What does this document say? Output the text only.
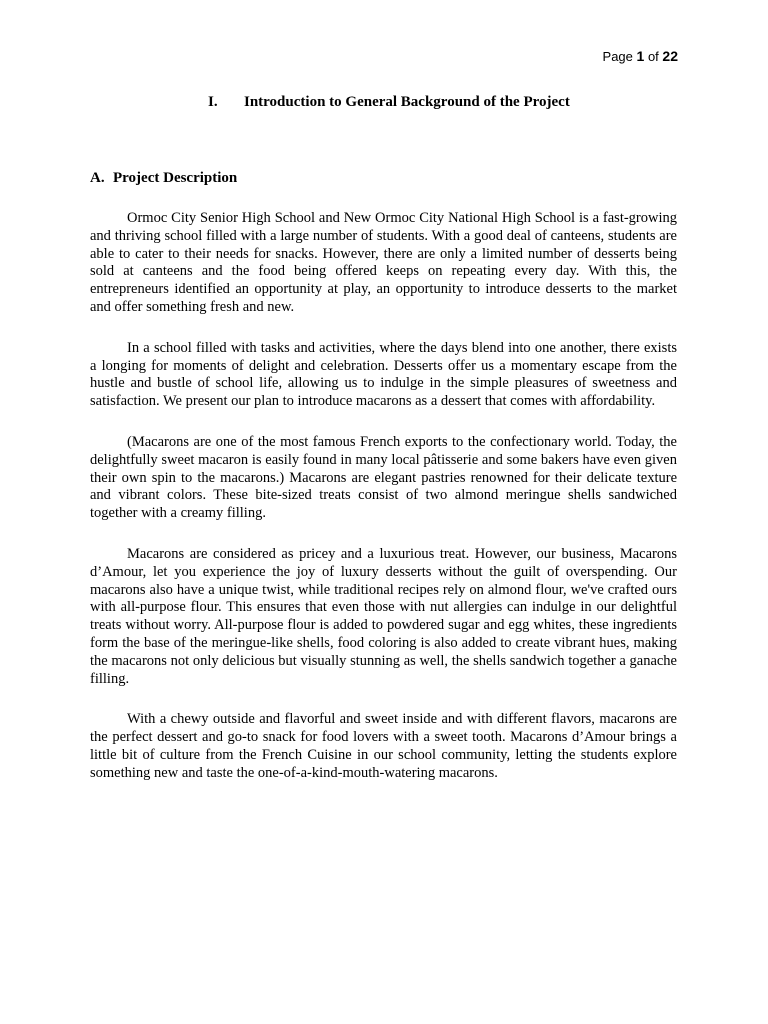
Page 1 of 22
I. Introduction to General Background of the Project
A. Project Description

Ormoc City Senior High School and New Ormoc City National High School is a fast-growing and thriving school filled with a large number of students. With a good deal of canteens, students are able to cater to their needs for snacks. However, there are only a limited number of desserts being sold at canteens and the food being offered keeps on repeating every day. With this, the entrepreneurs identified an opportunity at play, an opportunity to introduce desserts to the market and offer something fresh and new.

In a school filled with tasks and activities, where the days blend into one another, there exists a longing for moments of delight and celebration. Desserts offer us a momentary escape from the hustle and bustle of school life, allowing us to indulge in the simple pleasures of sweetness and satisfaction. We present our plan to introduce macarons as a dessert that comes with affordability.

(Macarons are one of the most famous French exports to the confectionary world. Today, the delightfully sweet macaron is easily found in many local pâtisserie and some bakers have even given their own spin to the macarons.) Macarons are elegant pastries renowned for their delicate texture and vibrant colors. These bite-sized treats consist of two almond meringue shells sandwiched together with a creamy filling.

Macarons are considered as pricey and a luxurious treat. However, our business, Macarons d’Amour, let you experience the joy of luxury desserts without the guilt of overspending. Our macarons also have a unique twist, while traditional recipes rely on almond flour, we've crafted ours with all-purpose flour. This ensures that even those with nut allergies can indulge in our delightful treats without worry. All-purpose flour is added to powdered sugar and egg whites, these ingredients form the base of the meringue-like shells, food coloring is also added to create vibrant hues, making the macarons not only delicious but visually stunning as well, the shells sandwich together a ganache filling.

With a chewy outside and flavorful and sweet inside and with different flavors, macarons are the perfect dessert and go-to snack for food lovers with a sweet tooth. Macarons d’Amour brings a little bit of culture from the French Cuisine in our school community, letting the students explore something new and taste the one-of-a-kind-mouth-watering macarons.
